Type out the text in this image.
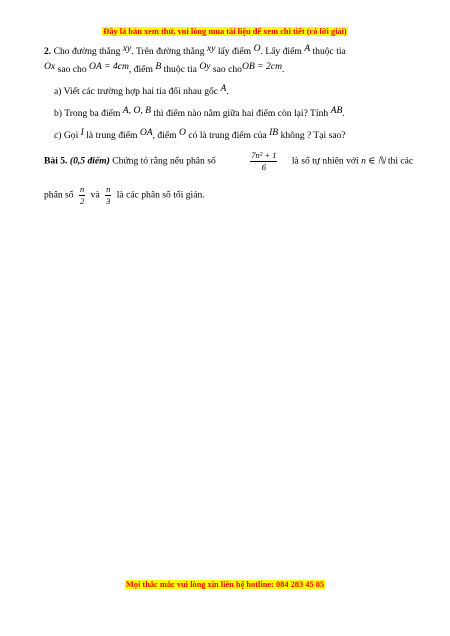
Đây là bản xem thử, vui lòng mua tài liệu để xem chi tiết (có lời giải)
2. Cho đường thẳng xy. Trên đường thẳng xy lấy điểm O. Lấy điểm A thuộc tia
Ox sao cho OA = 4cm, điểm B thuộc tia Oy sao choOB = 2cm.
a) Viết các trường hợp hai tia đối nhau gốc A.
b) Trong ba điểm A, O, B thì điểm nào nằm giữa hai điểm còn lại? Tính AB.
c) Gọi I là trung điểm OA, điểm O có là trung điểm của IB không ? Tại sao?
Bài 5. (0,5 điểm) Chứng tỏ rằng nếu phân số	$\frac{\text{7n² + 1}}{6}$ là số tự nhiên với n ∈ ℕ thì các
phân số $\frac{n}{2}$ và $\frac{n}{3}$ là các phân số tối giản.
Mọi thắc mắc vui lòng xin liên hệ hotline: 084 283 45 85
